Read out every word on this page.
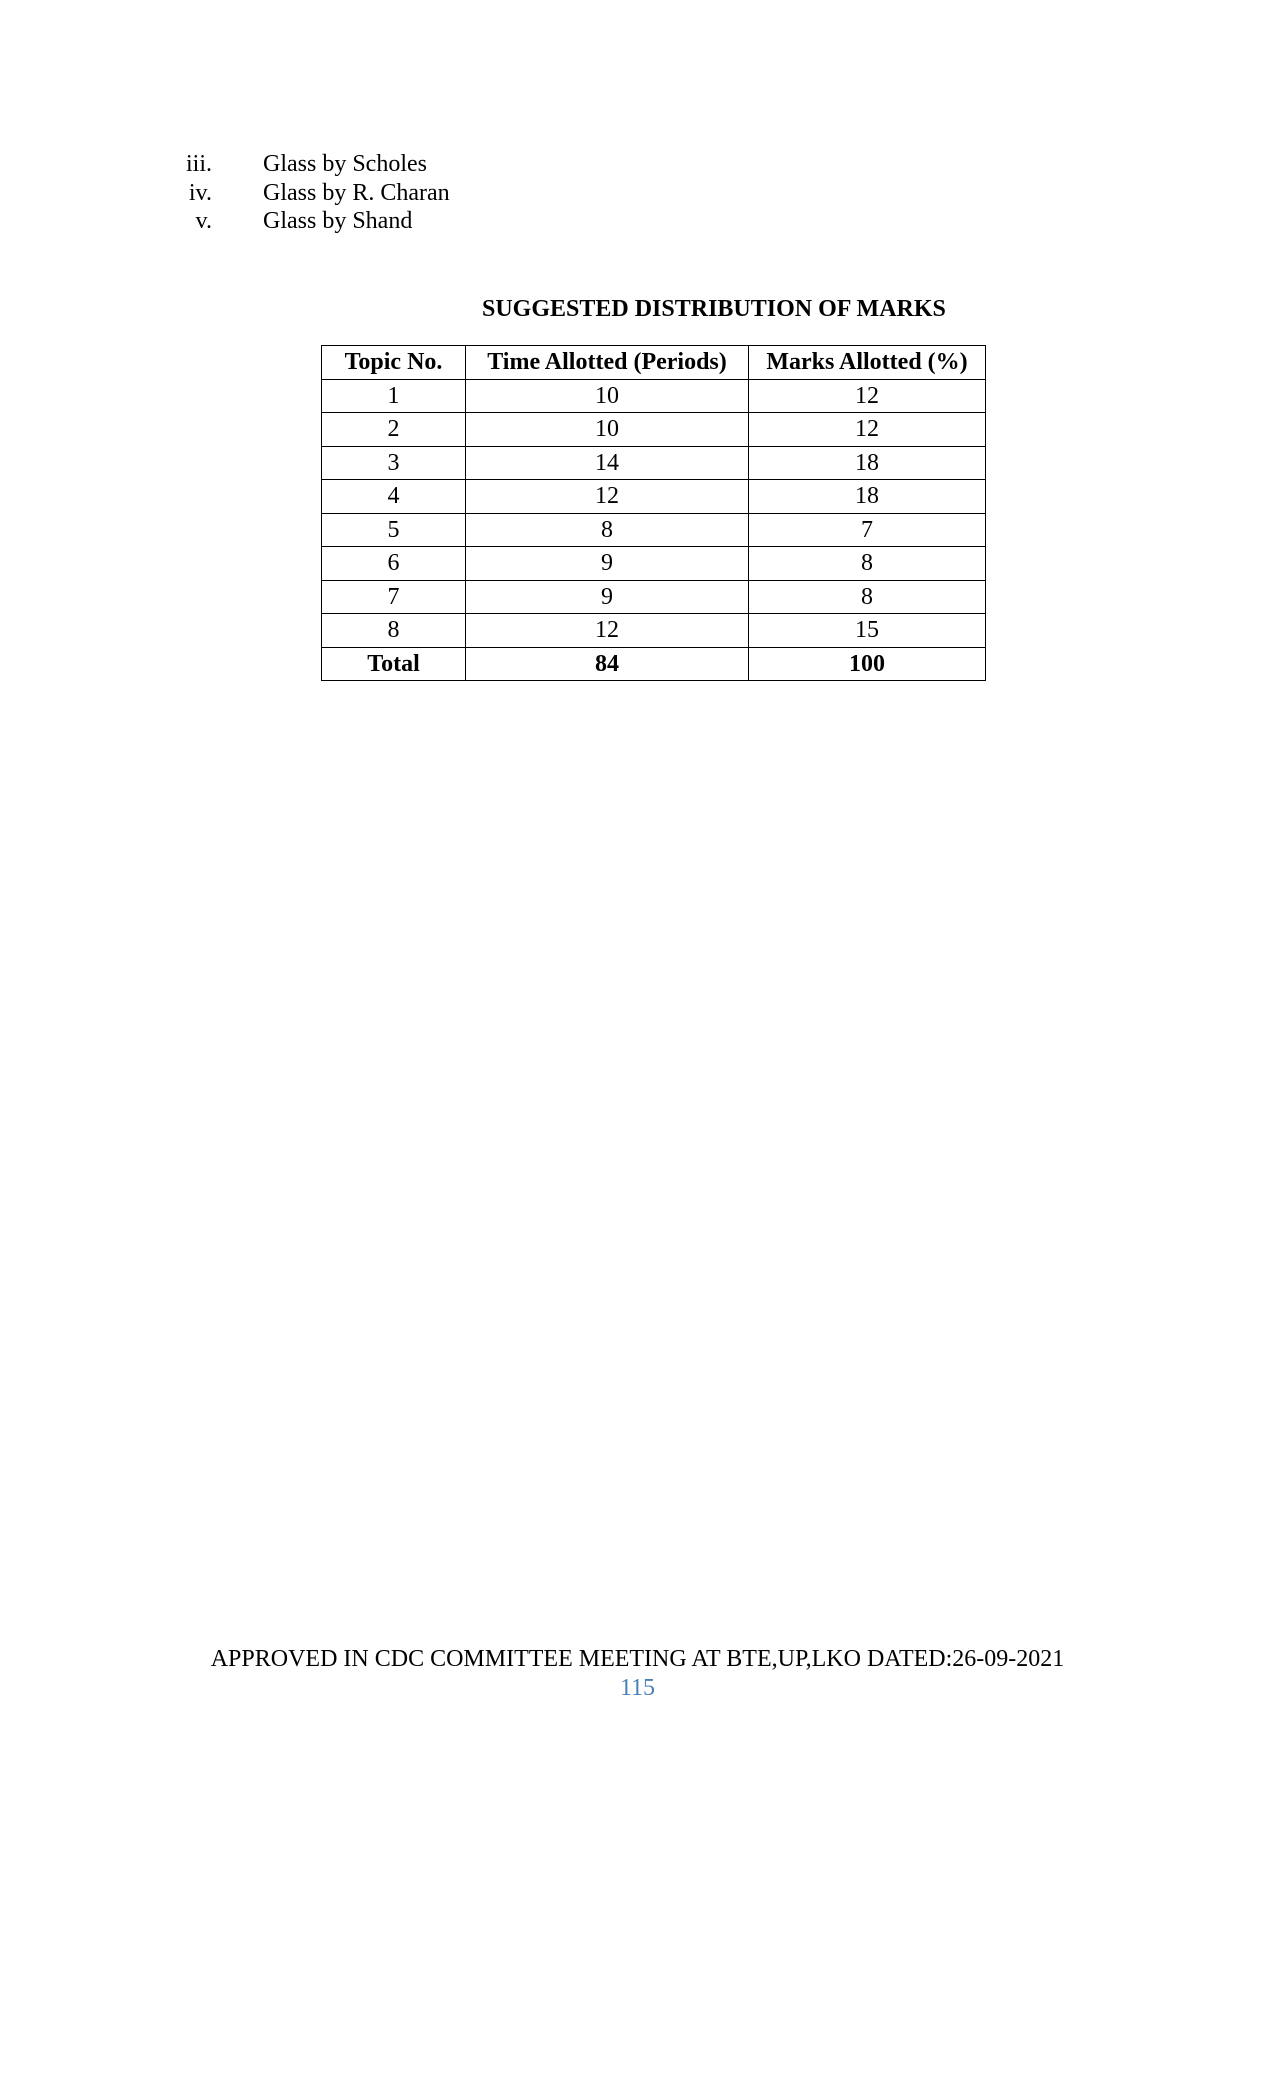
iii. Glass by Scholes
iv. Glass by R. Charan
v. Glass by Shand
SUGGESTED DISTRIBUTION OF MARKS
Topic No.	Time Allotted (Periods)	Marks Allotted (%)
1	10	12
2	10	12
3	14	18
4	12	18
5	8	7
6	9	8
7	9	8
8	12	15
Total	84	100
APPROVED IN CDC COMMITTEE MEETING AT BTE,UP,LKO DATED:26-09-2021
115
